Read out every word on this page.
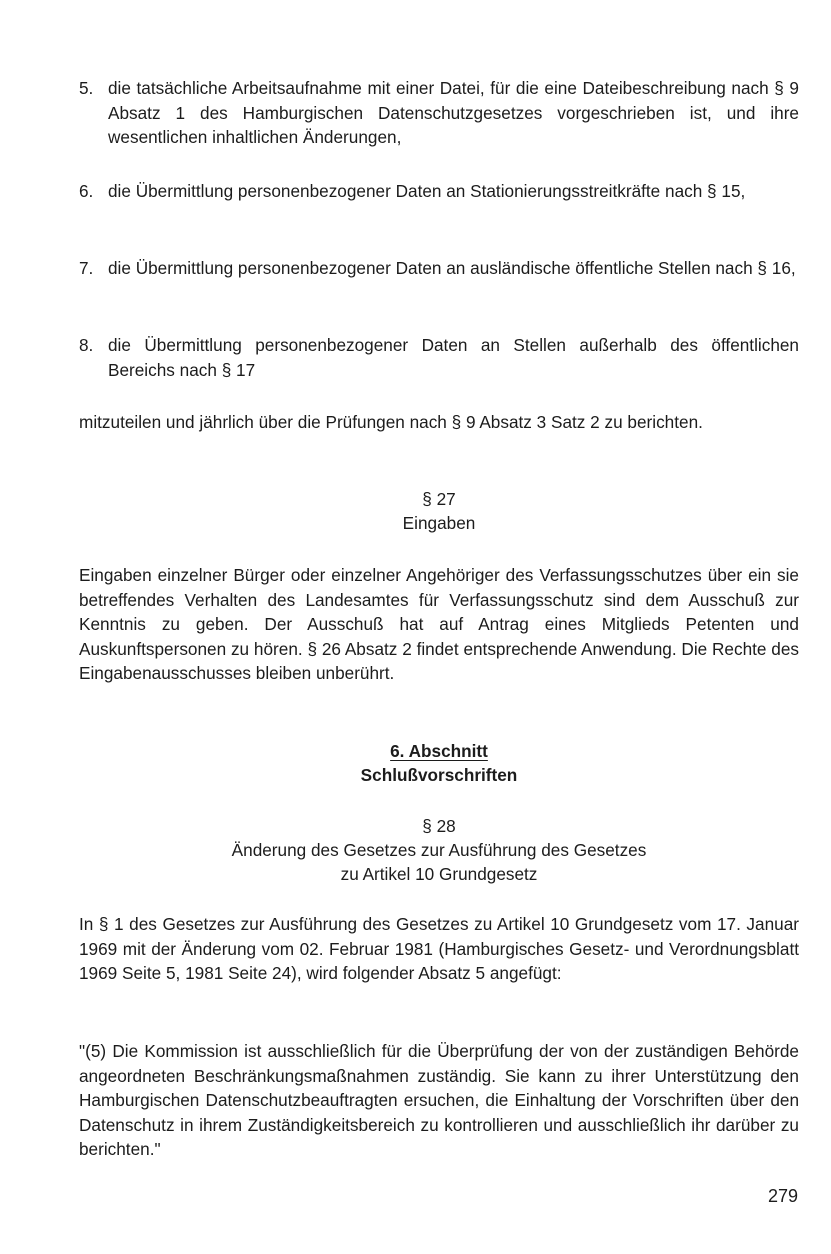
5. die tatsächliche Arbeitsaufnahme mit einer Datei, für die eine Dateibeschreibung nach § 9 Absatz 1 des Hamburgischen Datenschutzgesetzes vorgeschrieben ist, und ihre wesentlichen inhaltlichen Änderungen,
6. die Übermittlung personenbezogener Daten an Stationierungsstreitkräfte nach § 15,
7. die Übermittlung personenbezogener Daten an ausländische öffentliche Stellen nach § 16,
8. die Übermittlung personenbezogener Daten an Stellen außerhalb des öffentlichen Bereichs nach § 17
mitzuteilen und jährlich über die Prüfungen nach § 9 Absatz 3 Satz 2 zu berichten.
§ 27
Eingaben
Eingaben einzelner Bürger oder einzelner Angehöriger des Verfassungsschutzes über ein sie betreffendes Verhalten des Landesamtes für Verfassungsschutz sind dem Ausschuß zur Kenntnis zu geben. Der Ausschuß hat auf Antrag eines Mitglieds Petenten und Auskunftspersonen zu hören. § 26 Absatz 2 findet entsprechende Anwendung. Die Rechte des Eingabenausschusses bleiben unberührt.
6. Abschnitt
Schlußvorschriften
§ 28
Änderung des Gesetzes zur Ausführung des Gesetzes
zu Artikel 10 Grundgesetz
In § 1 des Gesetzes zur Ausführung des Gesetzes zu Artikel 10 Grundgesetz vom 17. Januar 1969 mit der Änderung vom 02. Februar 1981 (Hamburgisches Gesetz- und Verordnungsblatt 1969 Seite 5, 1981 Seite 24), wird folgender Absatz 5 angefügt:
"(5) Die Kommission ist ausschließlich für die Überprüfung der von der zuständigen Behörde angeordneten Beschränkungsmaßnahmen zuständig. Sie kann zu ihrer Unterstützung den Hamburgischen Datenschutzbeauftragten ersuchen, die Einhaltung der Vorschriften über den Datenschutz in ihrem Zuständigkeitsbereich zu kontrollieren und ausschließlich ihr darüber zu berichten."
279
